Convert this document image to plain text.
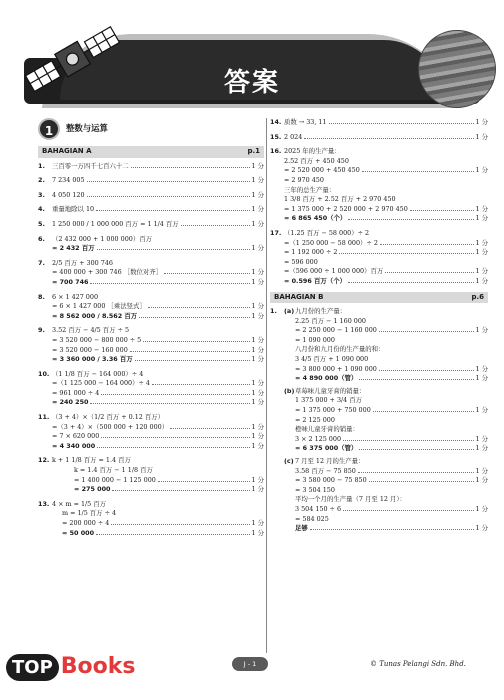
答案
1	整数与运算
BAHAGIAN A	p.1
1.	三百零一万四千七百六十二	1 分
2.	7 234 005	1 分
3.	4 050 120	1 分
4.	重量地除以 10	1 分
5.	1 250 000 / 1 000 000 百万 = 1 1/4 百万	1 分
6.	（2 432 000 + 1 000 000）百万
= 2 432 百万	1 分
7.	2/5 百万 + 300 746
= 400 000 + 300 746 ［数位对齐］	1 分
= 700 746	1 分
8.	6 × 1 427 000
= 6 × 1 427 000 ［乘法竖式］	1 分
= 8 562 000 / 8.562 百万	1 分
9.	3.52 百万 − 4/5 百万 ÷ 5
= 3 520 000 − 800 000 ÷ 5	1 分
= 3 520 000 − 160 000	1 分
= 3 360 000 / 3.36 百万	1 分
10. （1 1/8 百万 − 164 000）÷ 4
=（1 125 000 − 164 000）÷ 4	1 分
= 961 000 ÷ 4	1 分
= 240 250	1 分
11. （3 + 4）×（1/2 百万 + 0.12 百万）
=（3 + 4）×（500 000 + 120 000）	1 分
= 7 × 620 000	1 分
= 4 340 000	1 分
12. k + 1 1/8 百万 = 1.4 百万
k = 1.4 百万 − 1 1/8 百万
= 1 400 000 − 1 125 000	1 分
= 275 000	1 分
13. 4 × m = 1/5 百万
m = 1/5 百万 ÷ 4
= 200 000 ÷ 4	1 分
= 50 000	1 分
14. 质数 → 33, 11	1 分
15. 2 024	1 分
16. 2025 年的生产量：
2.52 百万 + 450 450
= 2 520 000 + 450 450	1 分
= 2 970 450
三年的总生产量：
1 3/8 百万 + 2.52 百万 + 2 970 450
= 1 375 000 + 2 520 000 + 2 970 450	1 分
= 6 865 450（个）	1 分
17. （1.25 百万 − 58 000）÷ 2
=（1 250 000 − 58 000）÷ 2	1 分
= 1 192 000 ÷ 2	1 分
= 596 000
=（596 000 ÷ 1 000 000）百万	1 分
= 0.596 百万（个）	1 分
BAHAGIAN B	p.6
1.	(a) 九月份的生产量：
2.25 百万 − 1 160 000
= 2 250 000 − 1 160 000	1 分
= 1 090 000
八月份和九月份的生产量的和：
3 4/5 百万 + 1 090 000
= 3 800 000 + 1 090 000	1 分
= 4 890 000（管）	1 分
(b) 草莓味儿童牙膏的销量：
1 375 000 + 3/4 百万
= 1 375 000 + 750 000	1 分
= 2 125 000
橙味儿童牙膏的销量：
3 × 2 125 000	1 分
= 6 375 000（管）	1 分
(c) 7 月至 12 月的生产量：
3.58 百万 − 75 850	1 分
= 3 580 000 − 75 850	1 分
= 3 504 150
平均一个月的生产量（7 月至 12 月）：
3 504 150 ÷ 6	1 分
= 584 025
足够	1 分
TOP Books	J - 1	© Tunas Pelangi Sdn. Bhd.
